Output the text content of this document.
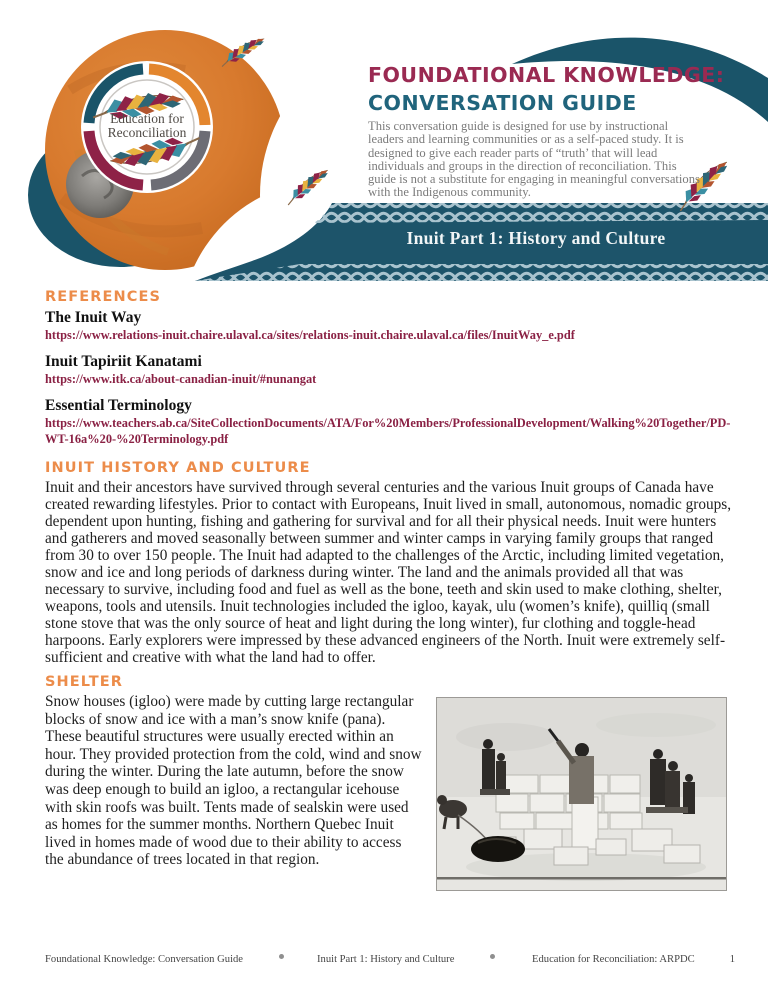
Education for
Reconciliation
FOUNDATIONAL KNOWLEDGE:
CONVERSATION GUIDE

This conversation guide is designed for use by instructional leaders and learning communities or as a self-paced study. It is designed to give each reader parts of “truth’ that will lead individuals and groups in the direction of reconciliation. This guide is not a substitute for engaging in meaningful conversations with the Indigenous community.

Inuit Part 1: History and Culture
REFERENCES

The Inuit Way

https://www.relations-inuit.chaire.ulaval.ca/sites/relations-inuit.chaire.ulaval.ca/files/InuitWay_e.pdf

Inuit Tapiriit Kanatami

https://www.itk.ca/about-canadian-inuit/#nunangat

Essential Terminology

https://www.teachers.ab.ca/SiteCollectionDocuments/ATA/For%20Members/ProfessionalDevelopment/Walking%20Together/PD-WT-16a%20-%20Terminology.pdf
INUIT HISTORY AND CULTURE

Inuit and their ancestors have survived through several centuries and the various Inuit groups of Canada have created rewarding lifestyles. Prior to contact with Europeans, Inuit lived in small, autonomous, nomadic groups, dependent upon hunting, fishing and gathering for survival and for all their physical needs. Inuit were hunters and gatherers and moved seasonally between summer and winter camps in varying family groups that ranged from 30 to over 150 people. The Inuit had adapted to the challenges of the Arctic, including limited vegetation, snow and ice and long periods of darkness during winter. The land and the animals provided all that was necessary to survive, including food and fuel as well as the bone, teeth and skin used to make clothing, shelter, weapons, tools and utensils. Inuit technologies included the igloo, kayak, ulu (women’s knife), quilliq (small stone stove that was the only source of heat and light during the long winter), fur clothing and toggle-head harpoons. Early explorers were impressed by these advanced engineers of the North. Inuit were extremely self-sufficient and creative with what the land had to offer.

SHELTER

Snow houses (igloo) were made by cutting large rectangular blocks of snow and ice with a man’s snow knife (pana). These beautiful structures were usually erected within an hour. They provided protection from the cold, wind and snow during the winter. During the late autumn, before the snow was deep enough to build an igloo, a rectangular icehouse with skin roofs was built. Tents made of sealskin were used as homes for the summer months. Northern Quebec Inuit lived in homes made of wood due to their ability to access the abundance of trees located in that region.

Foundational Knowledge: Conversation Guide	Inuit Part 1: History and Culture	Education for Reconciliation: ARPDC	1
